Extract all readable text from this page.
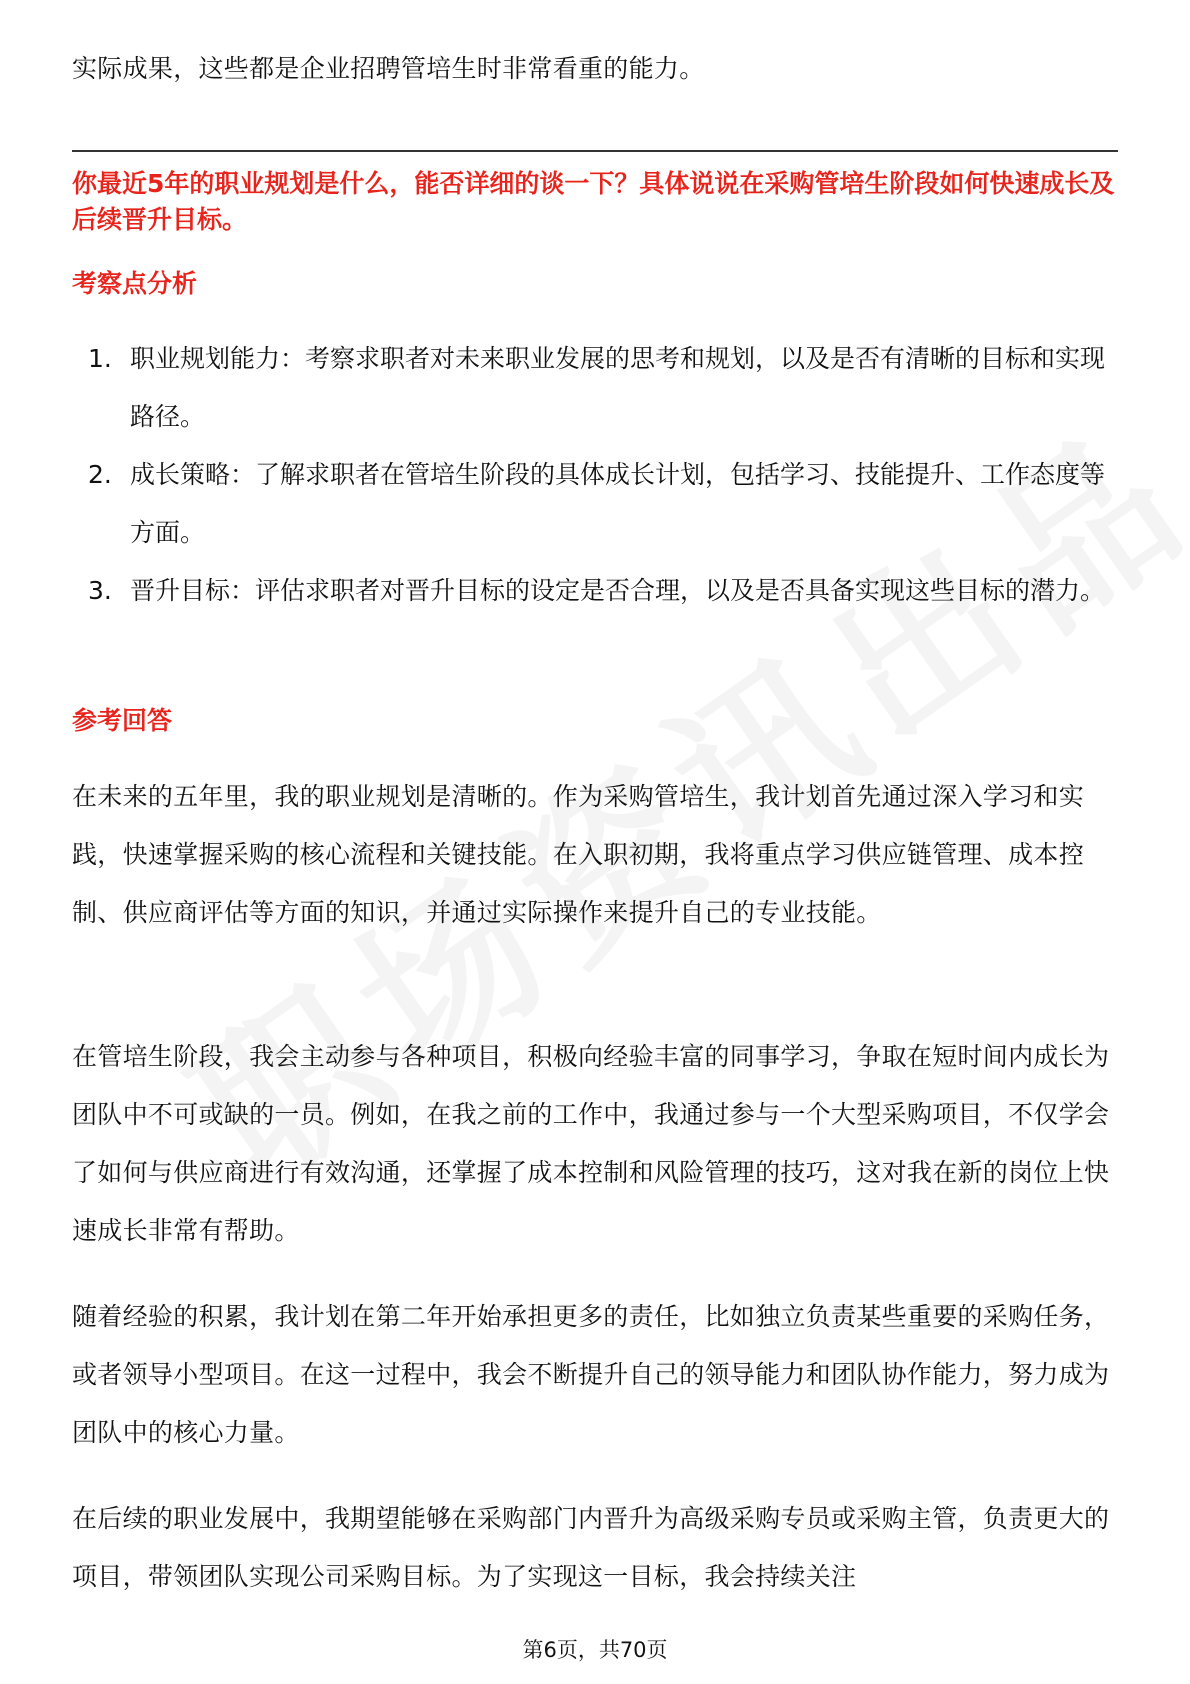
实际成果，这些都是企业招聘管培生时非常看重的能力。

你最近5年的职业规划是什么，能否详细的谈一下？具体说说在采购管培生阶段如何快速成长及后续晋升目标。

考察点分析

1. 职业规划能力：考察求职者对未来职业发展的思考和规划，以及是否有清晰的目标和实现路径。
2. 成长策略：了解求职者在管培生阶段的具体成长计划，包括学习、技能提升、工作态度等方面。
3. 晋升目标：评估求职者对晋升目标的设定是否合理，以及是否具备实现这些目标的潜力。

参考回答

在未来的五年里，我的职业规划是清晰的。作为采购管培生，我计划首先通过深入学习和实践，快速掌握采购的核心流程和关键技能。在入职初期，我将重点学习供应链管理、成本控制、供应商评估等方面的知识，并通过实际操作来提升自己的专业技能。

在管培生阶段，我会主动参与各种项目，积极向经验丰富的同事学习，争取在短时间内成长为团队中不可或缺的一员。例如，在我之前的工作中，我通过参与一个大型采购项目，不仅学会了如何与供应商进行有效沟通，还掌握了成本控制和风险管理的技巧，这对我在新的岗位上快速成长非常有帮助。

随着经验的积累，我计划在第二年开始承担更多的责任，比如独立负责某些重要的采购任务，或者领导小型项目。在这一过程中，我会不断提升自己的领导能力和团队协作能力，努力成为团队中的核心力量。

在后续的职业发展中，我期望能够在采购部门内晋升为高级采购专员或采购主管，负责更大的项目，带领团队实现公司采购目标。为了实现这一目标，我会持续关注

第6页，共70页
